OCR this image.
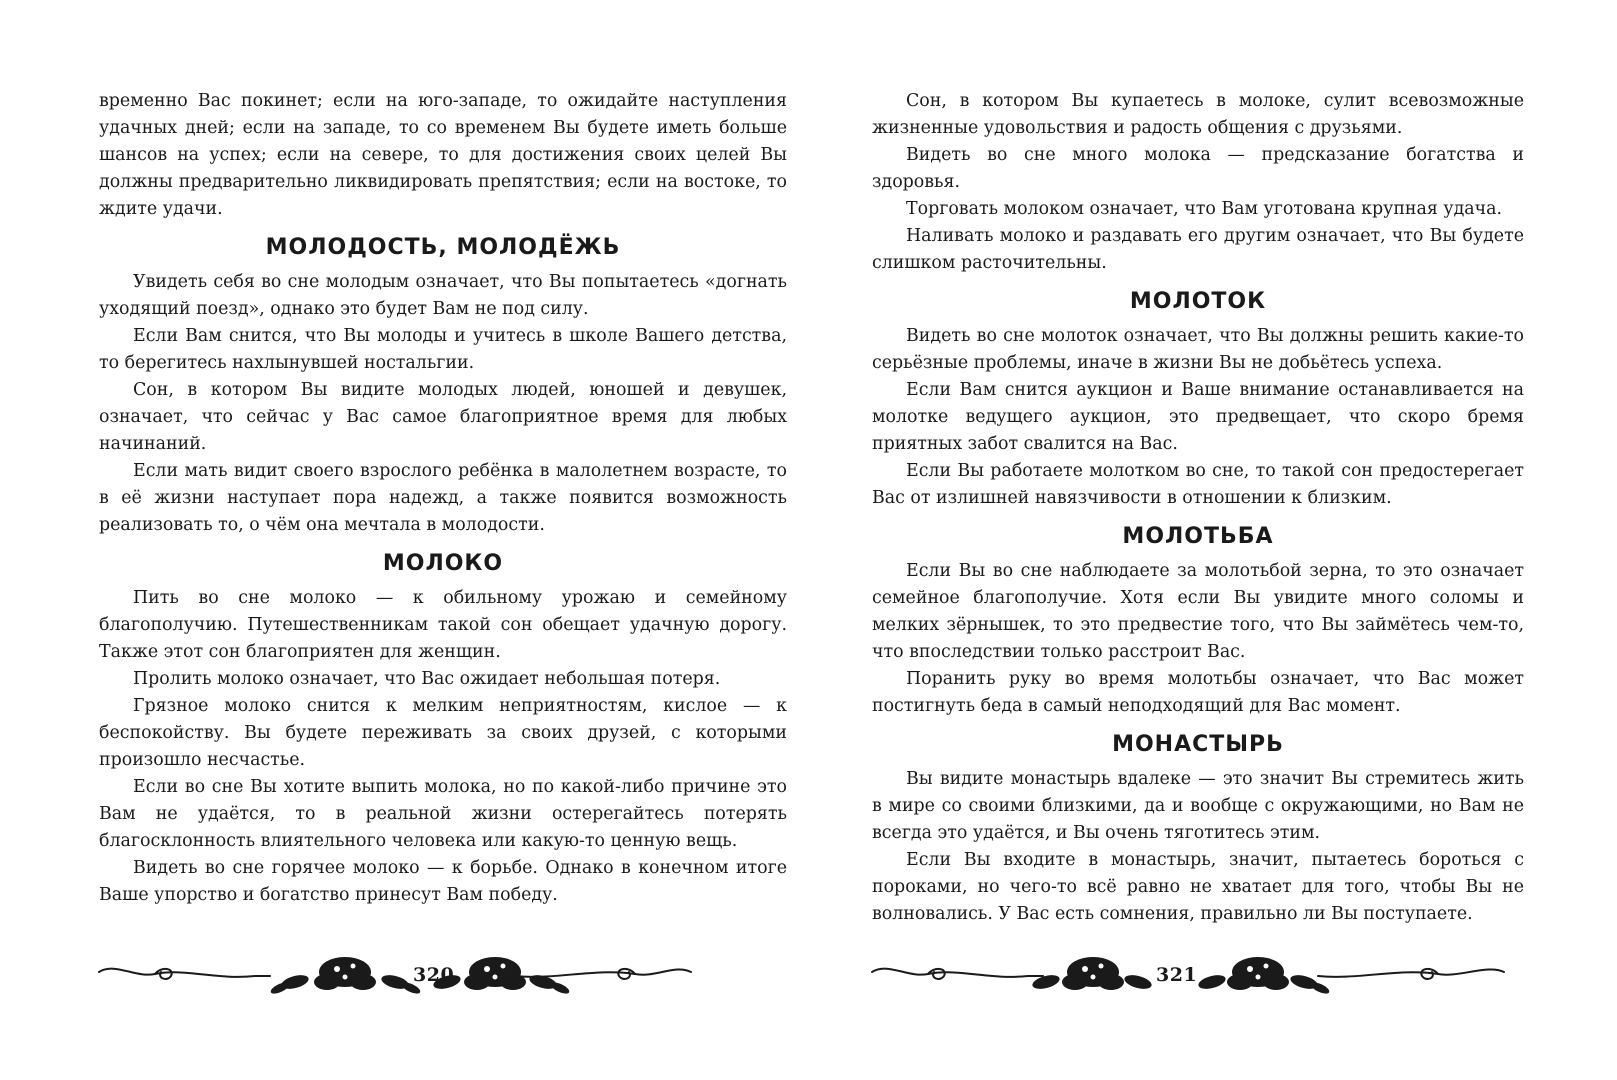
временно Вас покинет; если на юго-западе, то ожидайте наступления удачных дней; если на западе, то со временем Вы будете иметь больше шансов на успех; если на севере, то для достижения своих целей Вы должны предварительно ликвидировать препятствия; если на востоке, то ждите удачи.

МОЛОДОСТЬ, МОЛОДЁЖЬ

Увидеть себя во сне молодым означает, что Вы попытаетесь «догнать уходящий поезд», однако это будет Вам не под силу.

Если Вам снится, что Вы молоды и учитесь в школе Вашего детства, то берегитесь нахлынувшей ностальгии.

Сон, в котором Вы видите молодых людей, юношей и девушек, означает, что сейчас у Вас самое благоприятное время для любых начинаний.

Если мать видит своего взрослого ребёнка в малолетнем возрасте, то в её жизни наступает пора надежд, а также появится возможность реализовать то, о чём она мечтала в молодости.

МОЛОКО

Пить во сне молоко — к обильному урожаю и семейному благополучию. Путешественникам такой сон обещает удачную дорогу. Также этот сон благоприятен для женщин.

Пролить молоко означает, что Вас ожидает небольшая потеря.

Грязное молоко снится к мелким неприятностям, кислое — к беспокойству. Вы будете переживать за своих друзей, с которыми произошло несчастье.

Если во сне Вы хотите выпить молока, но по какой-либо причине это Вам не удаётся, то в реальной жизни остерегайтесь потерять благосклонность влиятельного человека или какую-то ценную вещь.

Видеть во сне горячее молоко — к борьбе. Однако в конечном итоге Ваше упорство и богатство принесут Вам победу.

320

Сон, в котором Вы купаетесь в молоке, сулит всевозможные жизненные удовольствия и радость общения с друзьями.

Видеть во сне много молока — предсказание богатства и здоровья.

Торговать молоком означает, что Вам уготована крупная удача.

Наливать молоко и раздавать его другим означает, что Вы будете слишком расточительны.

МОЛОТОК

Видеть во сне молоток означает, что Вы должны решить какие-то серьёзные проблемы, иначе в жизни Вы не добьётесь успеха.

Если Вам снится аукцион и Ваше внимание останавливается на молотке ведущего аукцион, это предвещает, что скоро бремя приятных забот свалится на Вас.

Если Вы работаете молотком во сне, то такой сон предостерегает Вас от излишней навязчивости в отношении к близким.

МОЛОТЬБА

Если Вы во сне наблюдаете за молотьбой зерна, то это означает семейное благополучие. Хотя если Вы увидите много соломы и мелких зёрнышек, то это предвестие того, что Вы займётесь чем-то, что впоследствии только расстроит Вас.

Поранить руку во время молотьбы означает, что Вас может постигнуть беда в самый неподходящий для Вас момент.

МОНАСТЫРЬ

Вы видите монастырь вдалеке — это значит Вы стремитесь жить в мире со своими близкими, да и вообще с окружающими, но Вам не всегда это удаётся, и Вы очень тяготитесь этим.

Если Вы входите в монастырь, значит, пытаетесь бороться с пороками, но чего-то всё равно не хватает для того, чтобы Вы не волновались. У Вас есть сомнения, правильно ли Вы поступаете.

321
